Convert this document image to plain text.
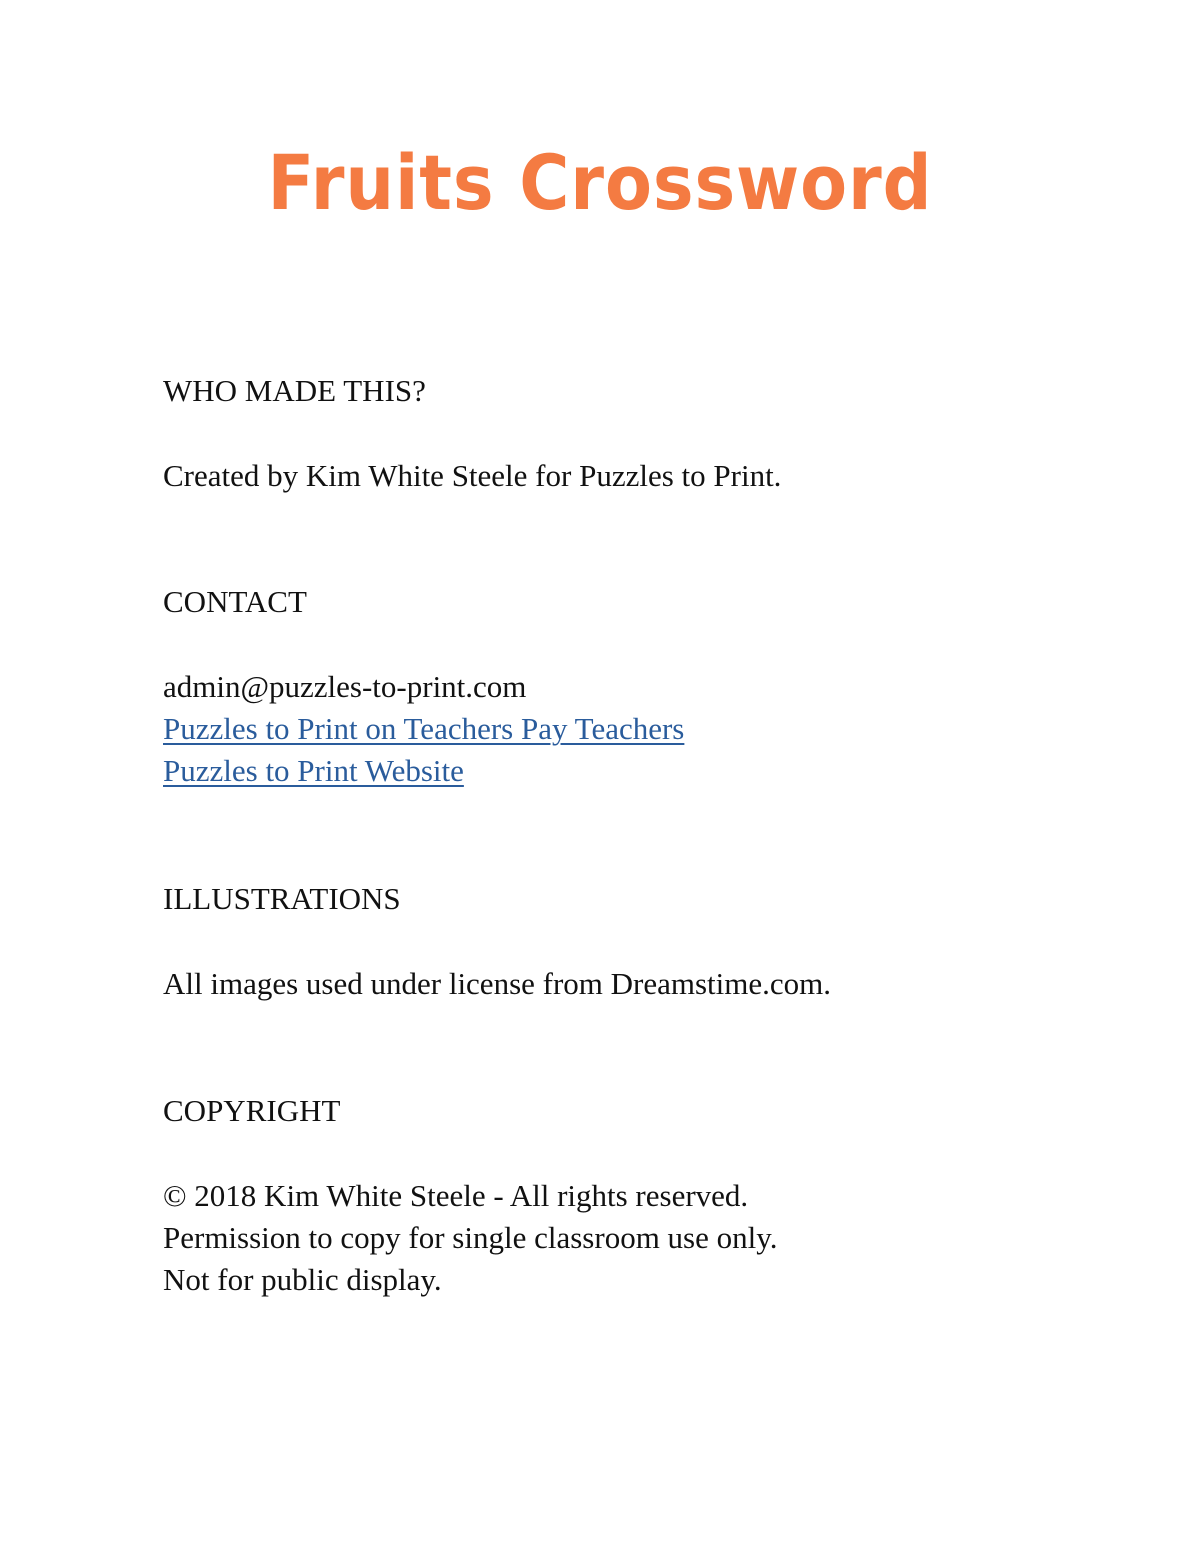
Fruits Crossword
WHO MADE THIS?
Created by Kim White Steele for Puzzles to Print.
CONTACT
admin@puzzles-to-print.com
Puzzles to Print on Teachers Pay Teachers
Puzzles to Print Website
ILLUSTRATIONS
All images used under license from Dreamstime.com.
COPYRIGHT
© 2018 Kim White Steele - All rights reserved.
Permission to copy for single classroom use only.
Not for public display.
